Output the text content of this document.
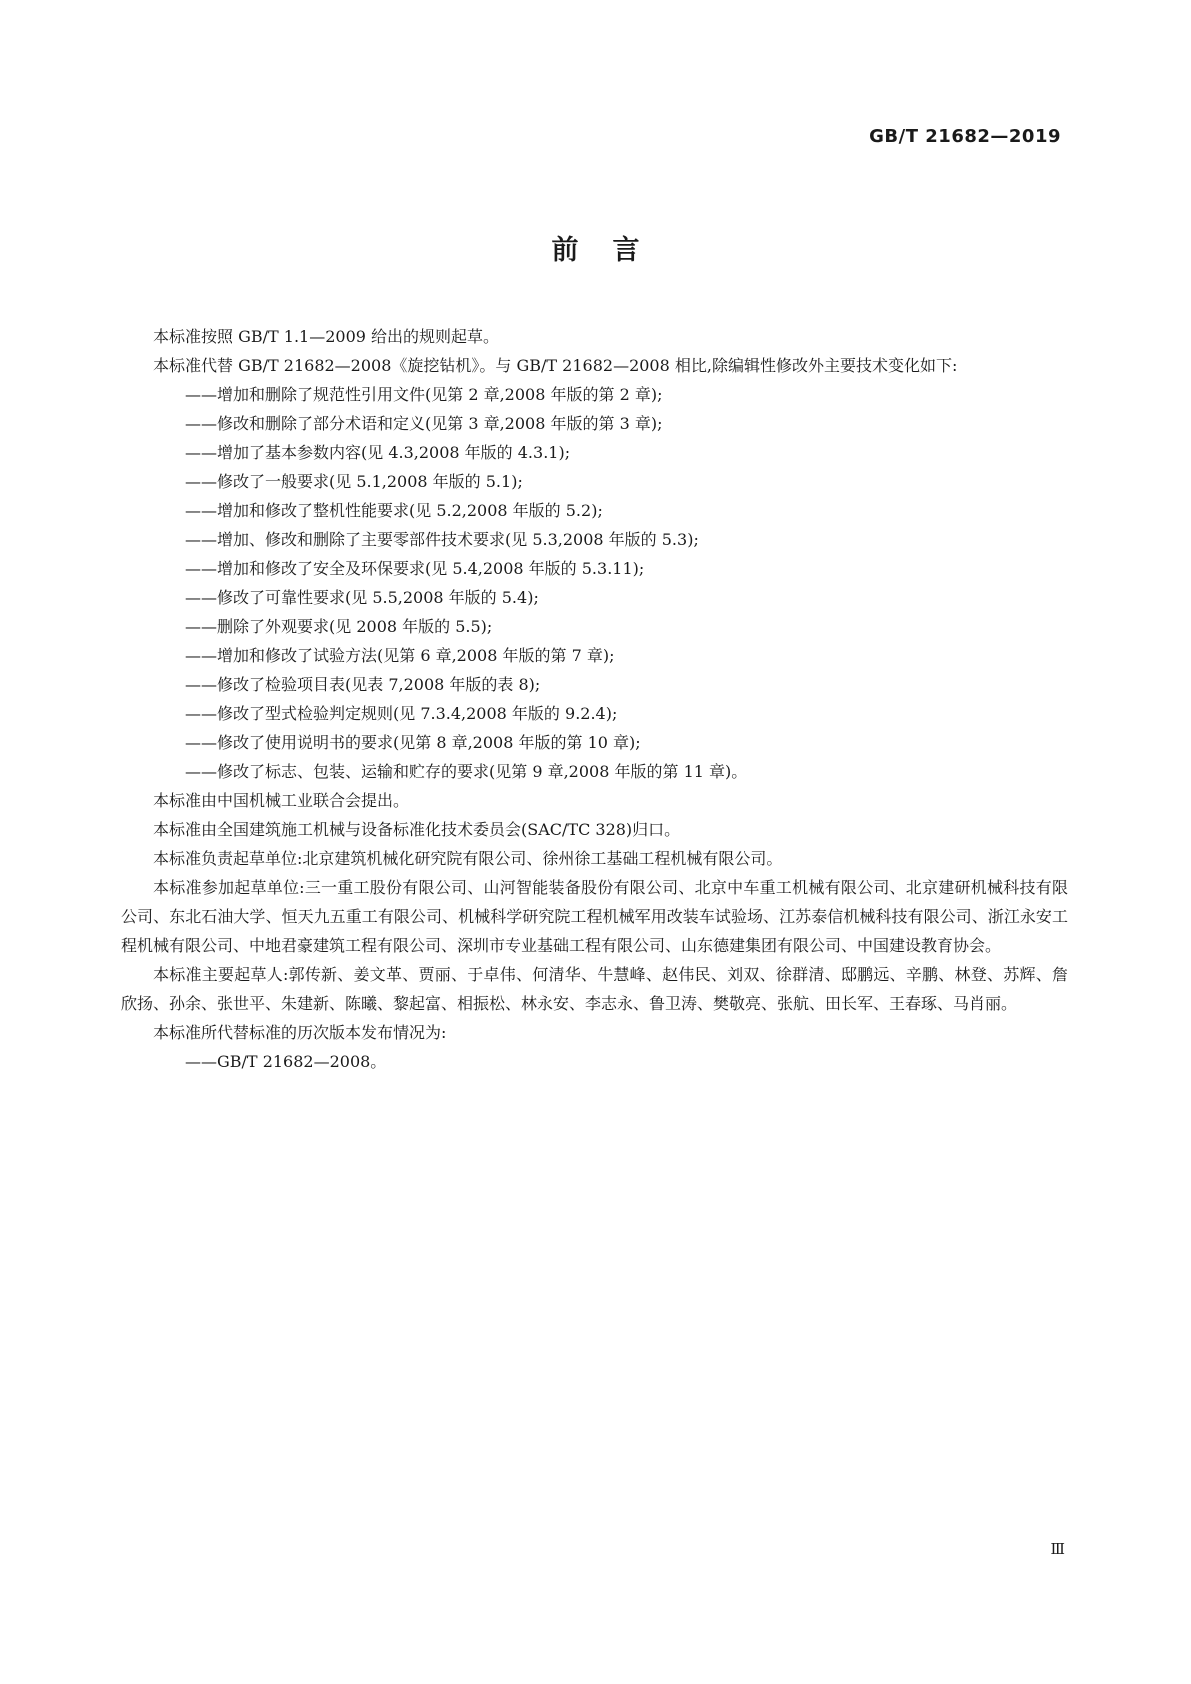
GB/T 21682—2019
前言

本标准按照 GB/T 1.1—2009 给出的规则起草。

本标准代替 GB/T 21682—2008《旋挖钻机》。与 GB/T 21682—2008 相比,除编辑性修改外主要技术变化如下:

——增加和删除了规范性引用文件(见第 2 章,2008 年版的第 2 章);

——修改和删除了部分术语和定义(见第 3 章,2008 年版的第 3 章);

——增加了基本参数内容(见 4.3,2008 年版的 4.3.1);

——修改了一般要求(见 5.1,2008 年版的 5.1);

——增加和修改了整机性能要求(见 5.2,2008 年版的 5.2);

——增加、修改和删除了主要零部件技术要求(见 5.3,2008 年版的 5.3);

——增加和修改了安全及环保要求(见 5.4,2008 年版的 5.3.11);

——修改了可靠性要求(见 5.5,2008 年版的 5.4);

——删除了外观要求(见 2008 年版的 5.5);

——增加和修改了试验方法(见第 6 章,2008 年版的第 7 章);

——修改了检验项目表(见表 7,2008 年版的表 8);

——修改了型式检验判定规则(见 7.3.4,2008 年版的 9.2.4);

——修改了使用说明书的要求(见第 8 章,2008 年版的第 10 章);

——修改了标志、包装、运输和贮存的要求(见第 9 章,2008 年版的第 11 章)。

本标准由中国机械工业联合会提出。

本标准由全国建筑施工机械与设备标准化技术委员会(SAC/TC 328)归口。

本标准负责起草单位:北京建筑机械化研究院有限公司、徐州徐工基础工程机械有限公司。

本标准参加起草单位:三一重工股份有限公司、山河智能装备股份有限公司、北京中车重工机械有限公司、北京建研机械科技有限公司、东北石油大学、恒天九五重工有限公司、机械科学研究院工程机械军用改装车试验场、江苏泰信机械科技有限公司、浙江永安工程机械有限公司、中地君豪建筑工程有限公司、深圳市专业基础工程有限公司、山东德建集团有限公司、中国建设教育协会。

本标准主要起草人:郭传新、姜文革、贾丽、于卓伟、何清华、牛慧峰、赵伟民、刘双、徐群清、邸鹏远、辛鹏、林登、苏辉、詹欣扬、孙余、张世平、朱建新、陈曦、黎起富、相振松、林永安、李志永、鲁卫涛、樊敬亮、张航、田长军、王春琢、马肖丽。

本标准所代替标准的历次版本发布情况为:

——GB/T 21682—2008。

Ⅲ
